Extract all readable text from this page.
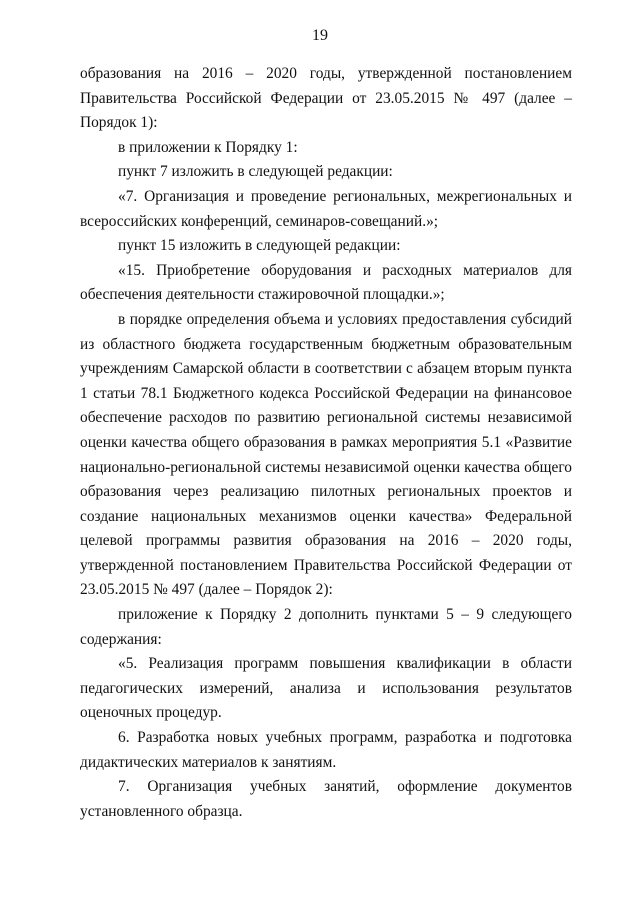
19

образования на 2016 – 2020 годы, утвержденной постановлением Правительства Российской Федерации от 23.05.2015 № 497 (далее – Порядок 1):

в приложении к Порядку 1:

пункт 7 изложить в следующей редакции:

«7. Организация и проведение региональных, межрегиональных и всероссийских конференций, семинаров-совещаний.»;

пункт 15 изложить в следующей редакции:

«15. Приобретение оборудования и расходных материалов для обеспечения деятельности стажировочной площадки.»;

в порядке определения объема и условиях предоставления субсидий из областного бюджета государственным бюджетным образовательным учреждениям Самарской области в соответствии с абзацем вторым пункта 1 статьи 78.1 Бюджетного кодекса Российской Федерации на финансовое обеспечение расходов по развитию региональной системы независимой оценки качества общего образования в рамках мероприятия 5.1 «Развитие национально-региональной системы независимой оценки качества общего образования через реализацию пилотных региональных проектов и создание национальных механизмов оценки качества» Федеральной целевой программы развития образования на 2016 – 2020 годы, утвержденной постановлением Правительства Российской Федерации от 23.05.2015 № 497 (далее – Порядок 2):

приложение к Порядку 2 дополнить пунктами 5 – 9 следующего содержания:

«5. Реализация программ повышения квалификации в области педагогических измерений, анализа и использования результатов оценочных процедур.

6. Разработка новых учебных программ, разработка и подготовка дидактических материалов к занятиям.

7. Организация учебных занятий, оформление документов установленного образца.
